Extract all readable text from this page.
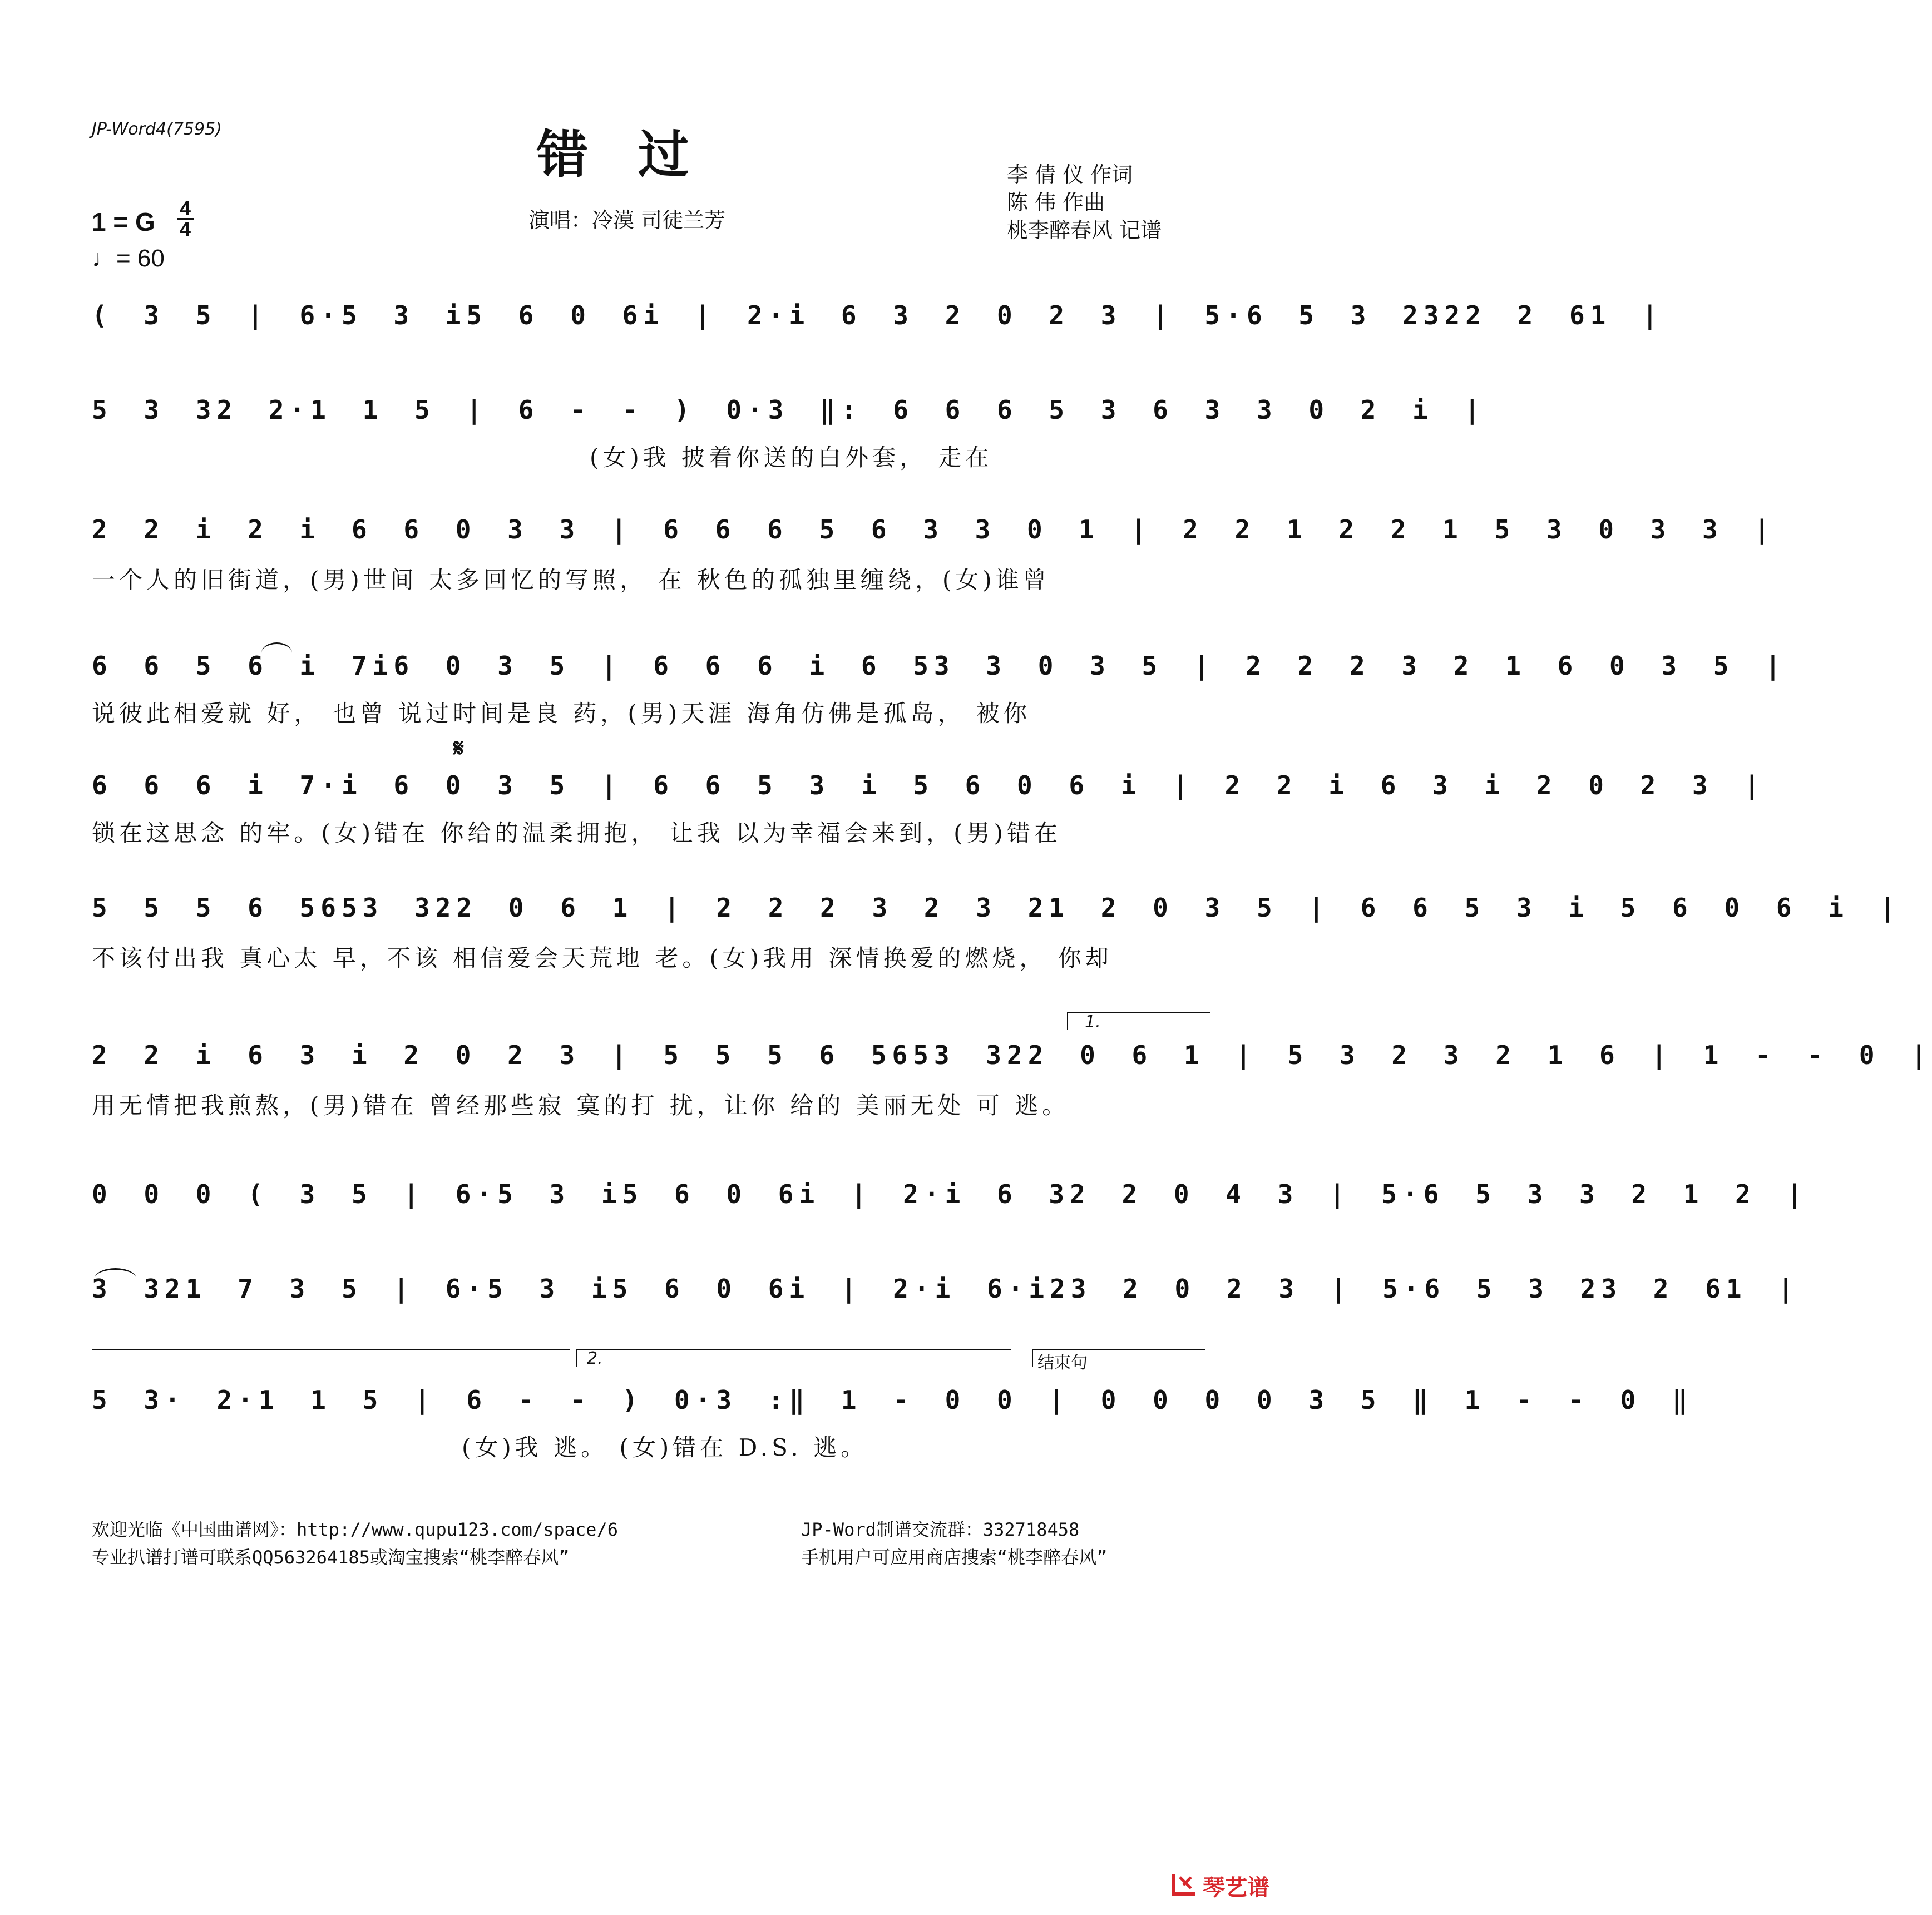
JP-Word4(7595)	错过
演唱：冷漠 司徒兰芳
李 倩 仪 作词
陈 伟 作曲
桃李醉春风 记谱
1 = G 4
4
♩= 60
( 3 5 | 6·5 3 i5 6 0 6i | 2·i 6 3 2 0 2 3 | 5·6 5 3 2322 2 61 |
5 3 32 2·1 1 5 | 6 - - ) 0·3 ‖: 6 6 6 5 3 6 3 3 0 2 i |
(女)我 披着你送的白外套， 走在
2 2 i 2 i 6 6 0 3 3 | 6 6 6 5 6 3 3 0 1 | 2 2 1 2 2 1 5 3 0 3 3 |
一个人的旧街道，(男)世间 太多回忆的写照， 在 秋色的孤独里缠绕，(女)谁曾
6 6 5 6 i 7i6 0 3 5 | 6 6 6 i 6 53 3 0 3 5 | 2 2 2 3 2 1 6 0 3 5 |
说彼此相爱就 好， 也曾 说过时间是良 药，(男)天涯 海角仿佛是孤岛， 被你
𝄋
6 6 6 i 7·i 6 0 3 5 | 6 6 5 3 i 5 6 0 6 i | 2 2 i 6 3 i 2 0 2 3 |
锁在这思念 的牢。(女)错在 你给的温柔拥抱， 让我 以为幸福会来到，(男)错在
5 5 5 6 5653 322 0 6 1 | 2 2 2 3 2 3 21 2 0 3 5 | 6 6 5 3 i 5 6 0 6 i |
不该付出我 真心太 早，不该 相信爱会天荒地 老。(女)我用 深情换爱的燃烧， 你却
1.
2 2 i 6 3 i 2 0 2 3 | 5 5 5 6 5653 322 0 6 1 | 5 3 2 3 2 1 6 | 1 - - 0 |
用无情把我煎熬，(男)错在 曾经那些寂 寞的打 扰，让你 给的 美丽无处 可 逃。
0 0 0 ( 3 5 | 6·5 3 i5 6 0 6i | 2·i 6 32 2 0 4 3 | 5·6 5 3 3 2 1 2 |
3 321 7 3 5 | 6·5 3 i5 6 0 6i | 2·i 6·i23 2 0 2 3 | 5·6 5 3 23 2 61 |
2.	结束句
5 3· 2·1 1 5 | 6 - - ) 0·3 :‖ 1 - 0 0 | 0 0 0 0 3 5 ‖ 1 - - 0 ‖
(女)我 逃。 (女)错在 D.S. 逃。
欢迎光临《中国曲谱网》：http://www.qupu123.com/space/6
专业扒谱打谱可联系QQ563264185或淘宝搜索“桃李醉春风”
JP-Word制谱交流群：332718458
手机用户可应用商店搜索“桃李醉春风”
琴艺谱
